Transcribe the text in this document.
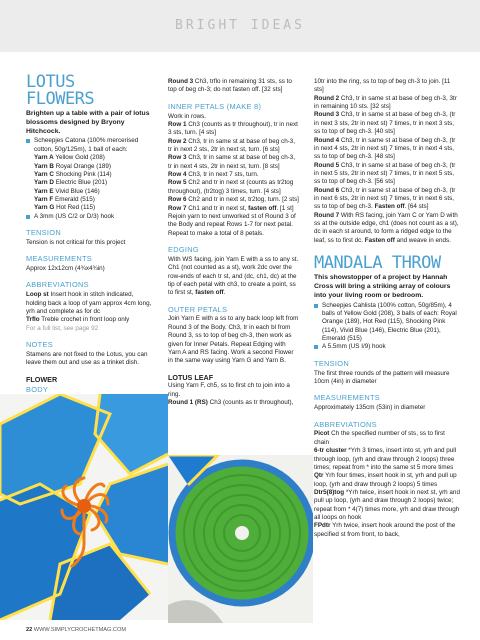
BRIGHT IDEAS
LOTUS FLOWERS

Brighten up a table with a pair of lotus blossoms designed by Bryony Hitchcock.

Scheepjes Catona (100% mercerised cotton, 50g/125m), 1 ball of each:

Yarn A Yellow Gold (208)

Yarn B Royal Orange (189)

Yarn C Shocking Pink (114)

Yarn D Electric Blue (201)

Yarn E Vivid Blue (146)

Yarn F Emerald (515)

Yarn G Hot Red (115)

A 3mm (US C/2 or D/3) hook

TENSION

Tension is not critical for this project

MEASUREMENTS

Approx 12x12cm (4¾x4¾in)

ABBREVIATIONS

Loop st Insert hook in stitch indicated, holding back a loop of yarn approx 4cm long, yrh and complete as for dc

Trflo Treble crochet in front loop only

For a full list, see page 92

NOTES

Stamens are not fixed to the Lotus, you can leave them out and use as a trinket dish.

FLOWER
BODY

Round 3 Ch3, trflo in remaining 31 sts, ss to top of beg ch-3; do not fasten off. [32 sts]

INNER PETALS (MAKE 8)

Work in rows.

Row 1 Ch3 (counts as tr throughout), tr in next 3 sts, turn. [4 sts]

Row 2 Ch3, tr in same st at base of beg ch-3, tr in next 2 sts, 2tr in next st, turn. [6 sts]

Row 3 Ch3, tr in same st at base of beg ch-3, tr in next 4 sts, 2tr in next st, turn. [8 sts]

Row 4 Ch3, tr in next 7 sts, turn.

Row 5 Ch2 and tr in next st (counts as tr2tog throughout), (tr2tog) 3 times, turn. [4 sts]

Row 6 Ch2 and tr in next st, tr2tog, turn. [2 sts]

Row 7 Ch1 and tr in next st, fasten off. [1 st]

Rejoin yarn to next unworked st of Round 3 of the Body and repeat Rows 1-7 for next petal. Repeat to make a total of 8 petals.

EDGING

With WS facing, join Yarn E with a ss to any st. Ch1 (not counted as a st), work 2dc over the row-ends of each tr st, and (dc, ch1, dc) at the tip of each petal with ch3, to create a point, ss to first st, fasten off.

OUTER PETALS

Join Yarn E with a ss to any back loop left from Round 3 of the Body. Ch3, tr in each bl from Round 3, ss to top of beg ch-3, then work as given for Inner Petals. Repeat Edging with Yarn A and RS facing. Work a second Flower in the same way using Yarn G and Yarn B.

LOTUS LEAF

Using Yarn F, ch5, ss to first ch to join into a ring.

Round 1 (RS) Ch3 (counts as tr throughout),

10tr into the ring, ss to top of beg ch-3 to join. [11 sts]

Round 2 Ch3, tr in same st at base of beg ch-3, 3tr in remaining 10 sts. [32 sts]

Round 3 Ch3, tr in same st at base of beg ch-3, (tr in next 3 sts, 2tr in next st) 7 times, tr in next 3 sts, ss to top of beg ch-3. [40 sts]

Round 4 Ch3, tr in same st at base of beg ch-3, (tr in next 4 sts, 2tr in next st) 7 times, tr in next 4 sts, ss to top of beg ch-3. [48 sts]

Round 5 Ch3, tr in same st at base of beg ch-3, (tr in next 5 sts, 2tr in next st) 7 times, tr in next 5 sts, ss to top of beg ch-3. [56 sts]

Round 6 Ch3, tr in same st at base of beg ch-3, (tr in next 6 sts, 2tr in next st) 7 times, tr in next 6 sts, ss to top of beg ch-3. Fasten off. [64 sts]

Round 7 With RS facing, join Yarn C or Yarn D with ss at the outside edge, ch1 (does not count as a st), dc in each st around, to form a ridged edge to the leaf, ss to first dc. Fasten off and weave in ends.

MANDALA THROW

This showstopper of a project by Hannah Cross will bring a striking array of colours into your living room or bedroom.

Scheepjes Cahlista (100% cotton, 50g/85m), 4 balls of Yellow Gold (208), 3 balls of each: Royal Orange (189), Hot Red (115), Shocking Pink (114), Vivid Blue (146), Electric Blue (201), Emerald (515)

A 5.5mm (US I/9) hook

TENSION

The first three rounds of the pattern will measure 10cm (4in) in diameter

MEASUREMENTS

Approximately 135cm (53in) in diameter

ABBREVIATIONS

Picot Ch the specified number of sts, ss to first chain

6-tr cluster *Yrh 3 times, insert into st, yrh and pull through loop, (yrh and draw through 2 loops) three times; repeat from * into the same st 5 more times

Qtr Yrh four times, insert hook in st, yrh and pull up loop, (yrh and draw through 2 loops) 5 times

Dtr5(8)tog *Yrh twice, insert hook in next st, yrh and pull up loop, (yrh and draw through 2 loops) twice; repeat from * 4(7) times more, yrh and draw through all loops on hook

FPdtr Yrh twice, insert hook around the post of the specified st from front, to back,

22 WWW.SIMPLYCROCHETMAG.COM
